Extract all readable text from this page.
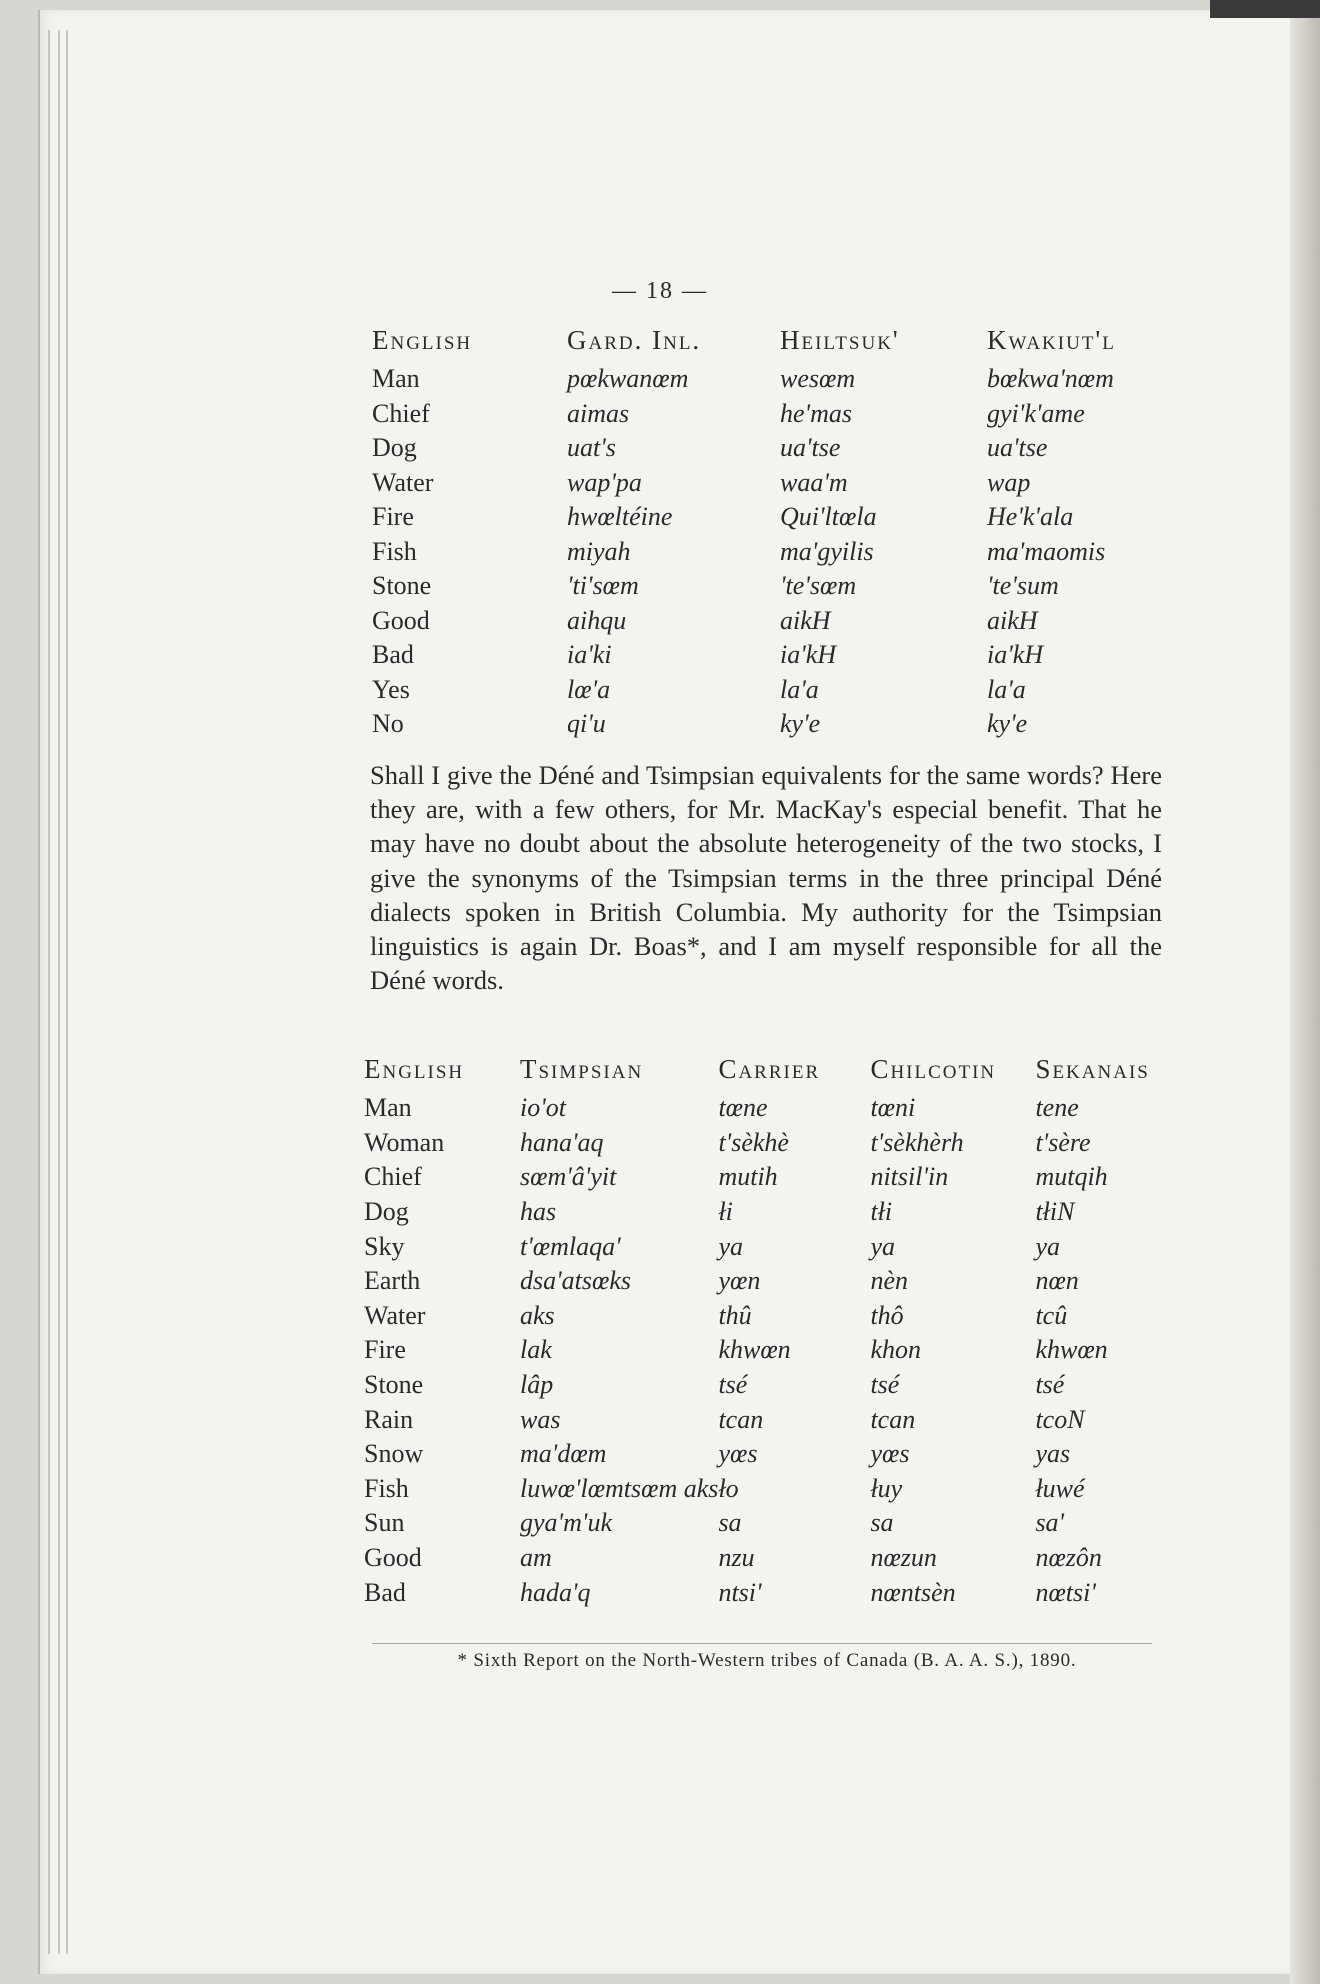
— 18 —
English	Gard. Inl.	Heiltsuk'	Kwakiut'l
Man	pœkwanœm	wesœm	bœkwa'nœm
Chief	aimas	he'mas	gyi'k'ame
Dog	uat's	ua'tse	ua'tse
Water	wap'pa	waa'm	wap
Fire	hwœltéine	Qui'ltœla	He'k'ala
Fish	miyah	ma'gyilis	ma'maomis
Stone	'ti'sœm	'te'sœm	'te'sum
Good	aihqu	aikH	aikH
Bad	ia'ki	ia'kH	ia'kH
Yes	lœ'a	la'a	la'a
No	qi'u	ky'e	ky'e
Shall I give the Déné and Tsimpsian equivalents for the same words? Here they are, with a few others, for Mr. MacKay's especial benefit. That he may have no doubt about the absolute heterogeneity of the two stocks, I give the synonyms of the Tsimpsian terms in the three principal Déné dialects spoken in British Columbia. My authority for the Tsimpsian linguistics is again Dr. Boas*, and I am myself responsible for all the Déné words.
English	Tsimpsian	Carrier	Chilcotin	Sekanais
Man	io'ot	tœne	tœni	tene
Woman	hana'aq	t'sèkhè	t'sèkhèrh	t'sère
Chief	sœm'â'yit	mutih	nitsil'in	mutqih
Dog	has	łi	tłi	tłiN
Sky	t'œmlaqa'	ya	ya	ya
Earth	dsa'atsœks	yœn	nèn	nœn
Water	aks	thû	thô	tcû
Fire	lak	khwœn	khon	khwœn
Stone	lâp	tsé	tsé	tsé
Rain	was	tcan	tcan	tcoN
Snow	ma'dœm	yœs	yœs	yas
Fish	luwœ'lœmtsœm aks	ło	łuy	łuwé
Sun	gya'm'uk	sa	sa	sa'
Good	am	nzu	nœzun	nœzôn
Bad	hada'q	ntsi'	nœntsèn	nœtsi'
* Sixth Report on the North-Western tribes of Canada (B. A. A. S.), 1890.
